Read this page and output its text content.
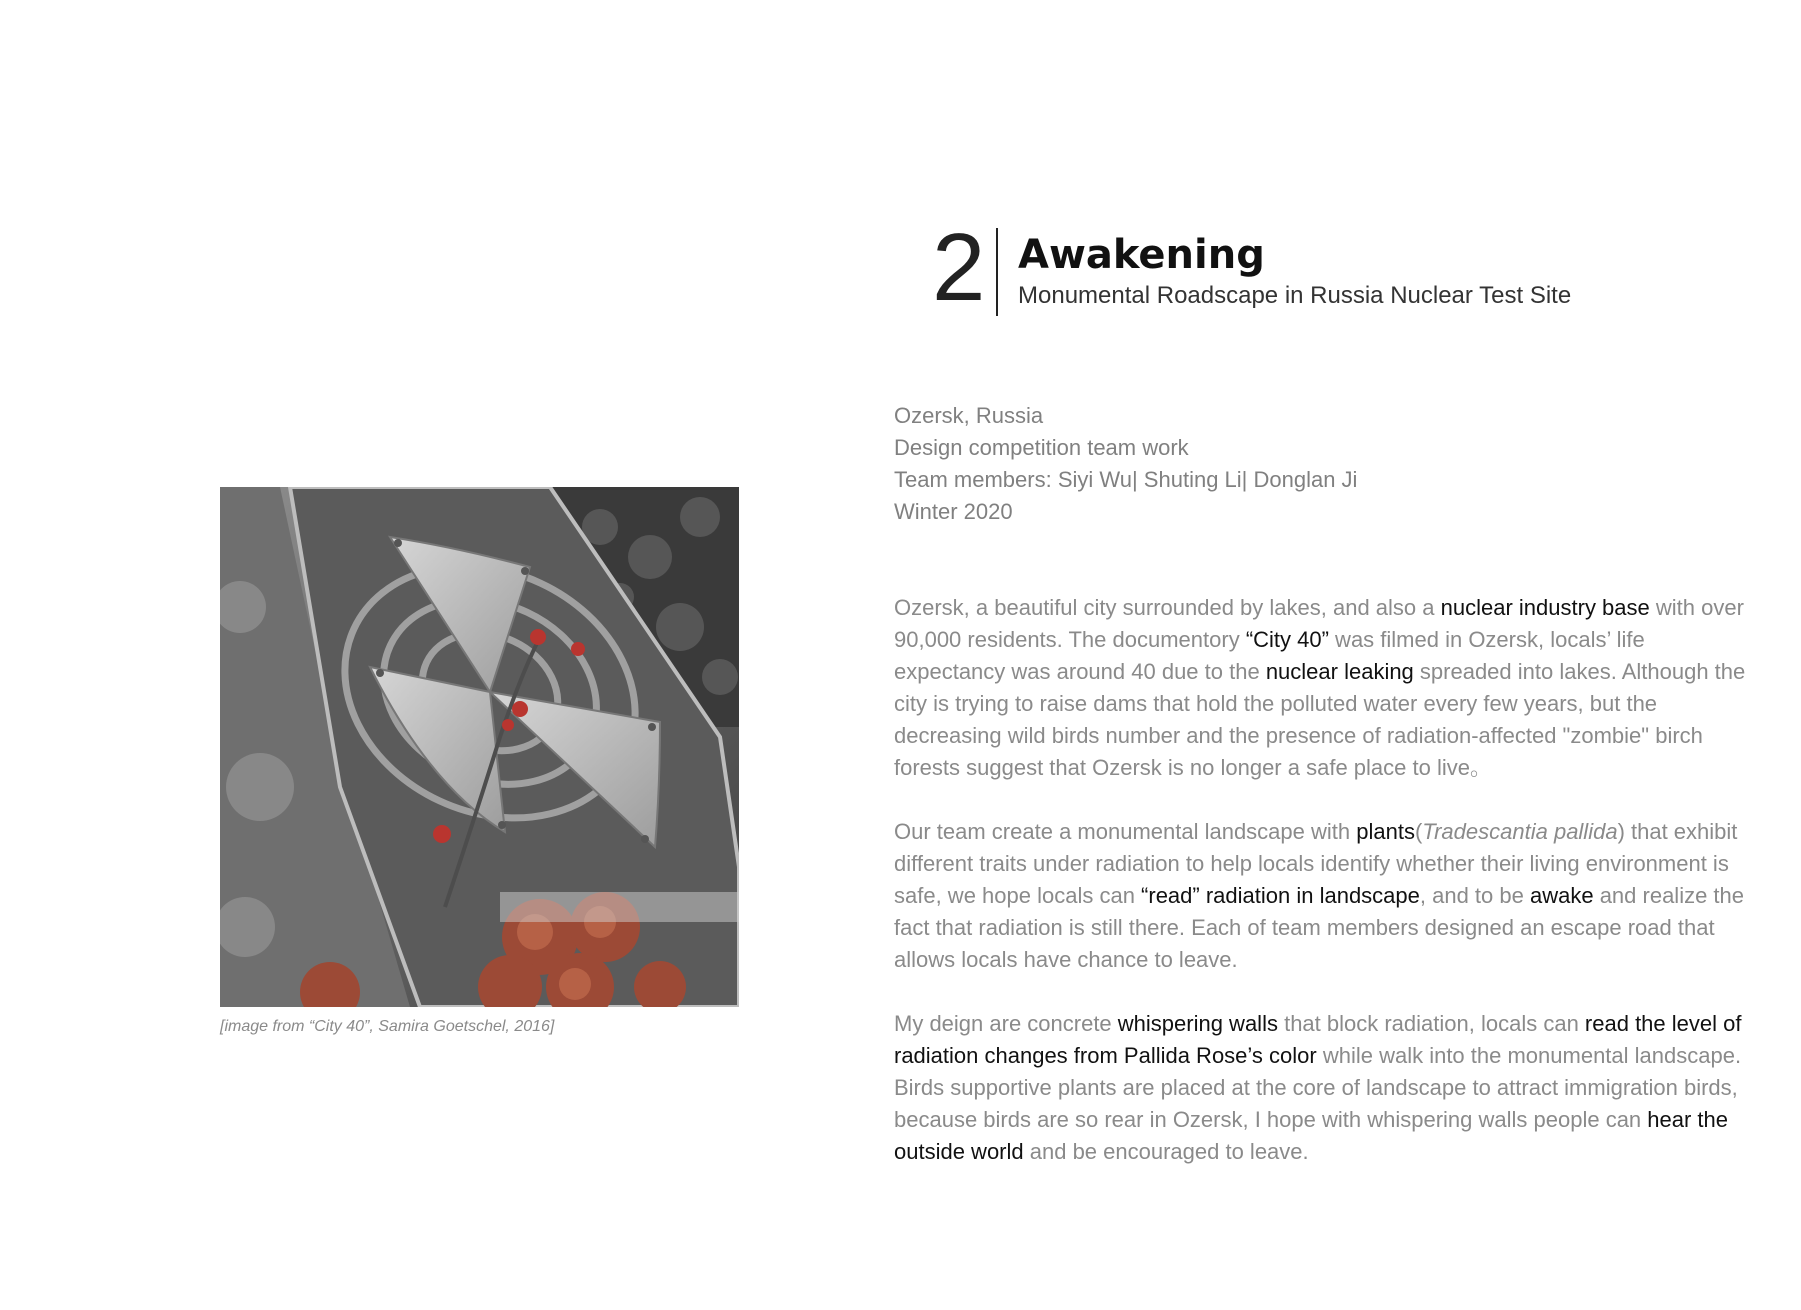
2 Awakening
Monumental Roadscape in Russia Nuclear Test Site
Ozersk, Russia
Design competition team work
Team members: Siyi Wu| Shuting Li| Donglan Ji
Winter 2020
Ozersk, a beautiful city surrounded by lakes, and also a nuclear industry base with over 90,000 residents. The documentory “City 40” was filmed in Ozersk, locals’ life expectancy was around 40 due to the nuclear leaking spreaded into lakes. Although the city is trying to raise dams that hold the polluted water every few years, but the decreasing wild birds number and the presence of radiation-affected "zombie" birch forests suggest that Ozersk is no longer a safe place to live。
Our team create a monumental landscape with plants(Tradescantia pallida) that exhibit different traits under radiation to help locals identify whether their living environment is safe, we hope locals can “read” radiation in landscape, and to be awake and realize the fact that radiation is still there. Each of team members designed an escape road that allows locals have chance to leave.
My deign are concrete whispering walls that block radiation, locals can read the level of radiation changes from Pallida Rose’s color while walk into the monumental landscape. Birds supportive plants are placed at the core of landscape to attract immigration birds, because birds are so rear in Ozersk, I hope with whispering walls people can hear the outside world and be encouraged to leave.
[image from “City 40”, Samira Goetschel, 2016]
